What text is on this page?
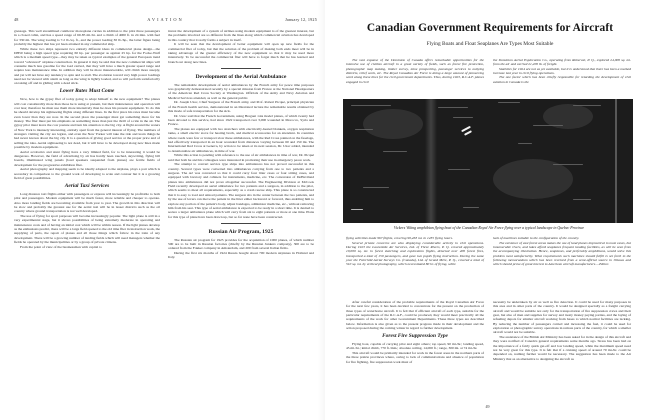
48	AVIATION	January 12, 1925

gressage. This well streamlined cantilever monoplane carries in addition to the pilot three passengers in a closed cabin, and has a speed range of 60-85 mi./hr. and a climb of 4000 ft. in 24 min. with fuel for 330 mi. The wing loading is 7.2 lb./sq. ft., and the power loading 30 lb./hp., the latter figure being probably the highest that has yet been attained in any commercial ship.

While these two ships represent two entirely different ideas in commercial plane design—the DH50 being a high speed type requiring 60 hp. per passenger as against 25 hp. for the Focke-Wulf which is a medium speed type—they may be taken as typical examples of the general European trend toward "advanced" airplane construction. In general it may be said that the new commercial ships will consume much less gasoline for the load carried, that they will have a much greater speed range and require less maintenance time. In addition they will be more maneuverable, will climb more steeply, and yet will not have any tendency to spin and to stall. The evolution toward very high power loadings need not be viewed with alarm as long as the wing is lightly loaded, and so will perform satisfactorily on taking off and in gliding with a dead stick.

Lower Rates Must Come

Now, how is the gypsy flier of today going to adapt himself to the new equipment? The planes will cost considerably more than those he is using at present, but their maintenance and operation will cost less; therefore he must use them more intensively than he does his present equipment. To do this he should develop his sightseeing flights along different lines. In the first place his rates must become even lower than they are now. In the second place the passenger must get something more for his money. The flier must put his emphasis on something more than just the thrill of a ride in the air. The gypsy pilot must leave the cow pasture and turn his attention to the big city. A flight around the waters of New York is intensely interesting, entirely apart from the general interest of flying. The numbers of strangers visiting the city are legion, and even the New Yorker will take the ride and learn things he had never known about the big city. It is a question of giving good service at the proper price and of selling the idea. Aerial sightseeing is not dead, but it will have to be developed along new lines made possible by modern equipment.

Aerial acrobatics and stunt flying have a very limited field, for to be interesting it would be dangerous. However, the field of advertising by air has hardly been touched, skywriting, flying bill boards, illuminated wing panels (loud speakers suspended from planes) are fertile fields of development for the progressive exhibition flier.

Aerial photography and mapping seem to be ideally adapted to the airplane, plays a part which is secondary in comparison to the ground work of developing to scale and contour but it is a growing field of great possibilities.

Aerial Taxi Services

Long distance taxi flights either with passengers or express will increasingly be profitable to both pilot and passengers. Modern equipment will be much faster, more reliable and cheaper to operate. Also more landing fields are becoming available from year to year. The growth in this direction will be slow and probably the greatest use for the aerial taxi will be in lesser districts such as the oil country where ground transportation is not well developed.

The use of flying for sport purposes will become increasingly popular. The light plane is still in a very experimental stage, but it shows possibilities of being extremely moderate in operating and maintenance costs and of having an initial cost which will be within reason. If the light planes develop as the enthusiasts predict, there will be a large field opened to the old time flier in instruction work, the supplying of parts, the repair of planes and all those things which follow in the train of any development. There will be a growing number of landing fields which will need managers whether the fields be operated by the municipalities or by a group of private citizens.

From the point of view of the businessman with capital to

invest the development of a system of airlines using modern equipment is of the greatest interest, but the problems involved are so different from the lines along which commercial aviation has developed in this country that it really forms a subject in itself.

It will be seen that the development of better equipment will open up new fields for the commercial flier of today, but that the solution of the problem of making both ends meet will be in taking advantage of the greater efficiency of the new equipment so that it may be used more intensively. To be successful the commercial flier will have to forget much that he has learned and branch out along new lines.

Development of the Aerial Ambulance

The remarkable development of aerial ambulances by the French army for peace time purposes was graphically demonstrated recently by a special mission from France at the National Headquarters of the American Red Cross Society at Washington. Officials of the Army and Navy Aviation and Medical Services attended, as well as the general public.

Dr. Joseph Uzac, Chief Surgeon of the French army, and Prof. Robert Picqué, principal physician of the French health service, demonstrated in an illustrated lecture the remarkable results obtained by this mode of safe transportation for the sick.

Dr. Uzac said that the French Government, using Breguet 14A model planes, of which twenty had been devoted to this service, had since 1922 transported over 3,000 wounded in Morocco, Syria and France.

The planes are equipped with two stretchers with electrically-heated blankets, oxygen respiration tanks, a small electric stove for heating broth, and medical accessories for an attendant. In countries where roads were few or transport slow these ambulances, with the Red Cross painted on the fuselage, had effectively transported in an hour wounded from distances varying between 60 and 150 mi. The International Red Cross at Geneva, by action to be taken at its next session, Dr. Uzac added, intended to denationalize air ambulances, in time of war.

While this action is pending with reference to the use of air ambulances in time of war, Dr. Picqué said that both he and his colleagues were interested in promoting their use in emergency peace work.

The attempt to convert service type ships into ambulances has not proved successful in this country. Several types were converted into ambulances carrying from one to two patients and a surgeon. The A2 was converted so that it could carry four litter cases or four sitting cases, and equipped with lavatory and cabinets for instruments, medicine, etc. The conversion of DeHaviland planes into ambulances did not prove altogether successful. The Engineering Division at McCook Field recently developed an aerial ambulance for two patients and a surgeon, in addition to the pilot, which seems to meet all requirements, especially as a crash rescue ship. This plane is so constructed that it is easy to load and unload patients. The surgeon sits in the center between the two patients, and by the use of levers can move the patient in the litter either backward or forward, thus enabling him to explore any portion of the patient's body, adjust bandages, administer medicine, etc., without removing him from his seat. This type of aerial ambulance is expected to be ready in a short time. It is desired to secure a larger ambulance plane which will carry from six to eight patients or more at one time. Plans for this type of plane have been drawn up, but so far none have been constructed.

Russian Air Program, 1925

The Russian air program for 1925 provides for the acquisition of 1000 planes, of which number 500 are to be built in Russian factories (chiefly by the Russian Junkers company), 300 are to be ordered from the Fokker company in Amsterdam, and 200 from several Italian firms.

During the first six months of 1924 Russia bought about 700 modern airplanes in Holland and Italy.

Canadian Government Requirements for Aircraft
Flying Boats and Float Seaplanes Are Types Most Suitable

The vast expanse of the Dominion of Canada offers remarkable opportunities for the intensive use of civilian aircraft in a great variety of fields, such as forest fire protection, photographic map making, timber survey, mine prospecting, passenger services to outlying districts, relief work, etc. The Royal Canadian Air Force is doing a large amount of pioneering work along these lines for the civil government departments. Thus, during 1923, R.C.A.F. planes engaged in civil

the Dominion Aerial Exploration Co., operating from Roberval, P. Q., explored 24,000 sq. mi. from the air and carried 21,200 lb. of freight.

Statistics for 1924 are not as yet available, but it is understood that there has been a marked increase last year in civil flying operations.

The one factor which has been chiefly responsible for retarding the development of civil aviation in Canada is the

Vickers Viking amphibian flying boat of the Canadian Royal Air Force flying over a typical landscape in Quebec Province

flying activities made 967 flights, covering 90,463 mi. in 1435 flying hours.

Several private concerns are also displaying considerable activity in civil operations. During 1923 the Laurentide Air Services, Ltd. of Three Rivers, P. Q. covered approximately 10,000 sq. mi. in forest sketching and exploration flights, detected over 400 forest fires, transported a total of 150 passengers, and gave two pupils flying instruction. During the same year the Fairchild Aerial Surveys Co. (Canada), Ltd. of Grand Mère, P. Q., covered a total of 510 sq. mi. by vertical photography, which necessitated 80 hr. of flying, while

lack of machines suitable to the configuration of the country.

The existence of vast forest areas makes the use of land planes impractical in most cases, but innumerable rivers, and lakes afford seaplanes frequent landing facilities, as will be seen from the accompanying illustration. Hence, seaplanes, and preferably amphibians, would solve this problem most satisfactorily. What requirements such machines should fulfill is set forth in the following memorandum which has been received from a semi-official source in Ottawa and which should prove of great interest to American aircraft manufacturers.—Editor.

After careful consideration of the probable requirements of the Royal Canadian Air Force for the next few years, it has been decided to concentrate for the present on the production of three types of waterborne aircraft. It is felt that if efficient aircraft of each type, suitable for the particular requirements of the R.C.A.F., could be produced, they would meet practically all the requirements of the work for other Government Departments. These three types are described below. Information is also given as to the present progress made in their development and the action proposed during the coming winter in regard to further development.

Forest Fire Suppression Type

Flying boat, capable of carrying pilot and eight others; top speed, 90 mi./hr.; landing speed, 45 mi./hr.; initial climb, 770 ft./min.; absolute ceiling, 14,000 ft.; range, 300 mi. at 74 mi./hr.

This aircraft would be primarily intended for work in the forest areas in the northern parts of the three prairie provinces where, owing to lack of communications and absence of population for fire fighting, fire suppression work must of

necessity be undertaken by air as well as fire detection. It could be used for many purposes in this area and in other parts of the country. It would be designed specially as a freight carrying aircraft and would be suitable not only for the transportation of fire suppression crews and their gear, but also of men and supplies for survey and treaty money paying parties, and the laying of refueling depots for smaller aircraft working from bases to which normal facilities are lacking. By reducing the number of passengers carried and increasing the fuel, it could be used for exploration or photographic survey operations in remote parts of the country, for which a smaller aircraft would not be suitable.

The assistance of the British Air Ministry has been asked for in the design of this aircraft and they were notified of Canada's general requirements some months ago. Stress has been laid on the importance of a fairly quick get-off and low landing speed, while the maximum speed need not be very great for this type. It is felt that if a cruising speed of around 70 mi./hr. could be depended on, nothing further would be necessary. The suggestion has been made to the Air Ministry that as an alternative to designing the aircraft as

49
